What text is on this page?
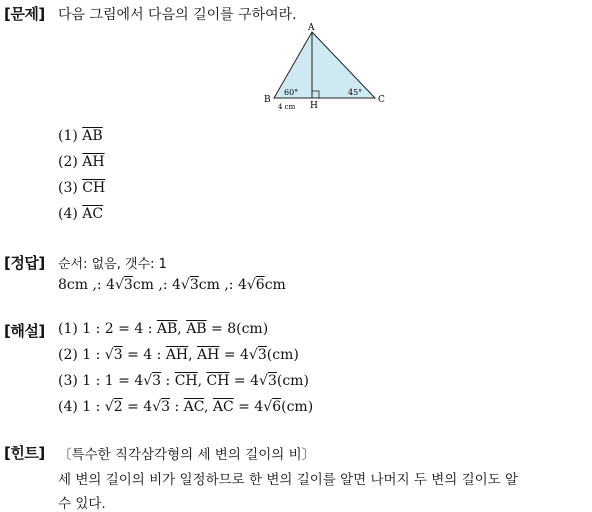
[문제] 다음 그림에서 다음의 길이를 구하여라.
A
B	C
H
60°	45°
4 cm
(1) $\overline{AB}$
(2) $\overline{AH}$
(3) $\overline{CH}$
(4) $\overline{AC}$
[정답] 순서: 없음, 갯수: 1
8cm ,: 4√3cm ,: 4√3cm ,: 4√6cm
[해설] (1) 1 : 2 = 4 : $\overline{AB}$, $\overline{AB} = 8(cm)$
(2) 1 : √3 = 4 : $\overline{AH}$, $\overline{AH} = 4√3(cm)$
(3) 1 : 1 = 4√3 : $\overline{CH}$, $\overline{CH} = 4√3(cm)$
(4) 1 : √2 = 4√3 : $\overline{AC}$, $\overline{AC} = 4√6(cm)$
[힌트] 〔특수한 직각삼각형의 세 변의 길이의 비〕
세 변의 길이의 비가 일정하므로 한 변의 길이를 알면 나머지 두 변의 길이도 알
수 있다.
